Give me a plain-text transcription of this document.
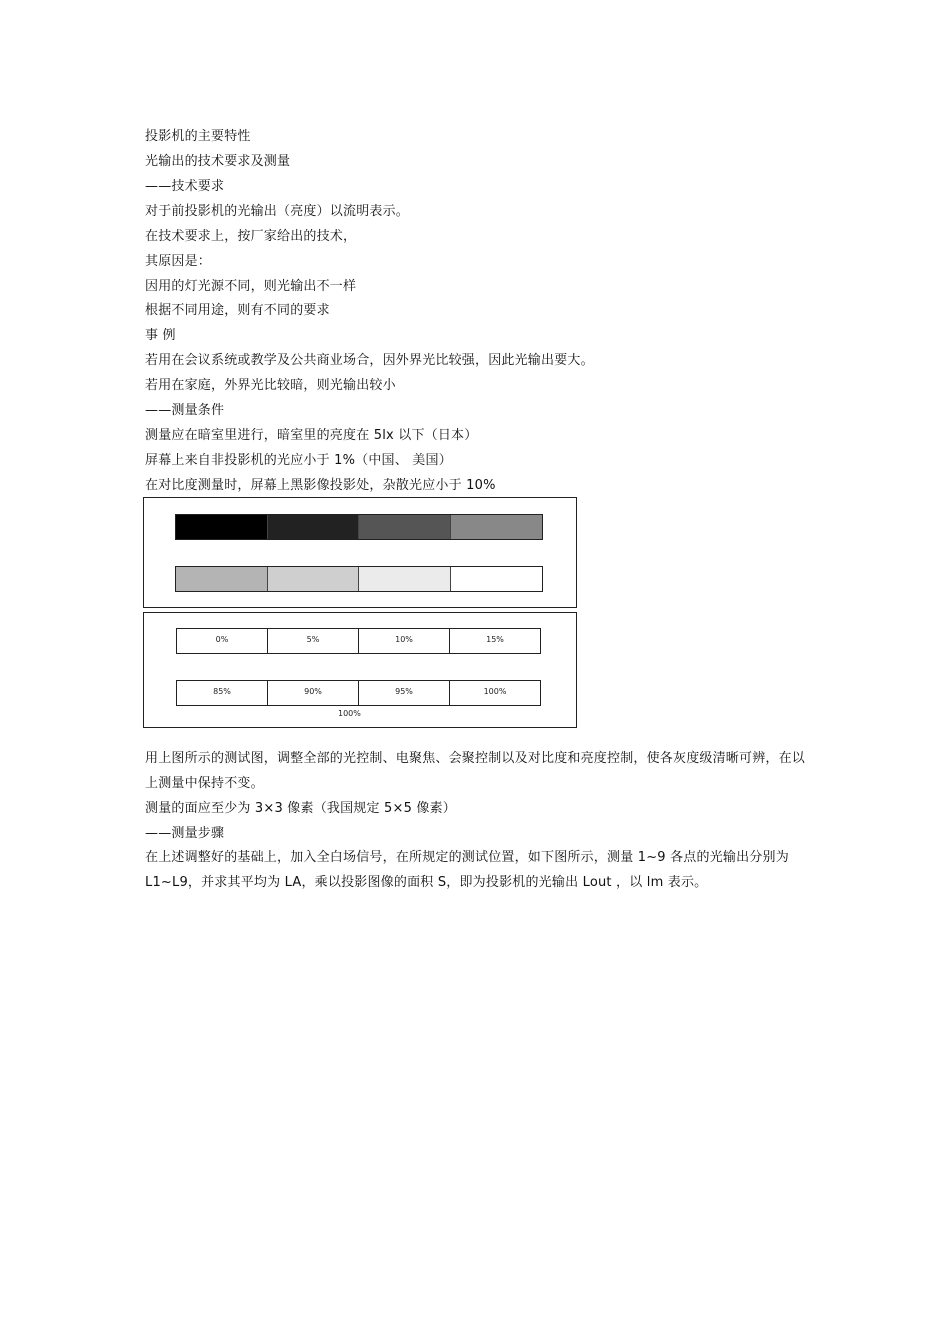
投影机的主要特性
光输出的技术要求及测量
——技术要求
对于前投影机的光输出（亮度）以流明表示。
在技术要求上，按厂家给出的技术，
其原因是：
因用的灯光源不同，则光输出不一样
根据不同用途，则有不同的要求
事 例
若用在会议系统或教学及公共商业场合，因外界光比较强，因此光输出要大。
若用在家庭，外界光比较暗，则光输出较小
——测量条件
测量应在暗室里进行，暗室里的亮度在 5lx 以下（日本）
屏幕上来自非投影机的光应小于 1%（中国、 美国）
在对比度测量时，屏幕上黑影像投影处，杂散光应小于 10%
0%	5%	10%	15%
85%	90%	95%	100%
100%
用上图所示的测试图，调整全部的光控制、电聚焦、会聚控制以及对比度和亮度控制，使各灰度级清晰可辨，在以上测量中保持不变。
测量的面应至少为 3×3 像素（我国规定 5×5 像素）
——测量步骤
在上述调整好的基础上，加入全白场信号，在所规定的测试位置，如下图所示，测量 1~9 各点的光输出分别为 L1~L9，并求其平均为 LA，乘以投影图像的面积 S，即为投影机的光输出 Lout ，以 lm 表示。
